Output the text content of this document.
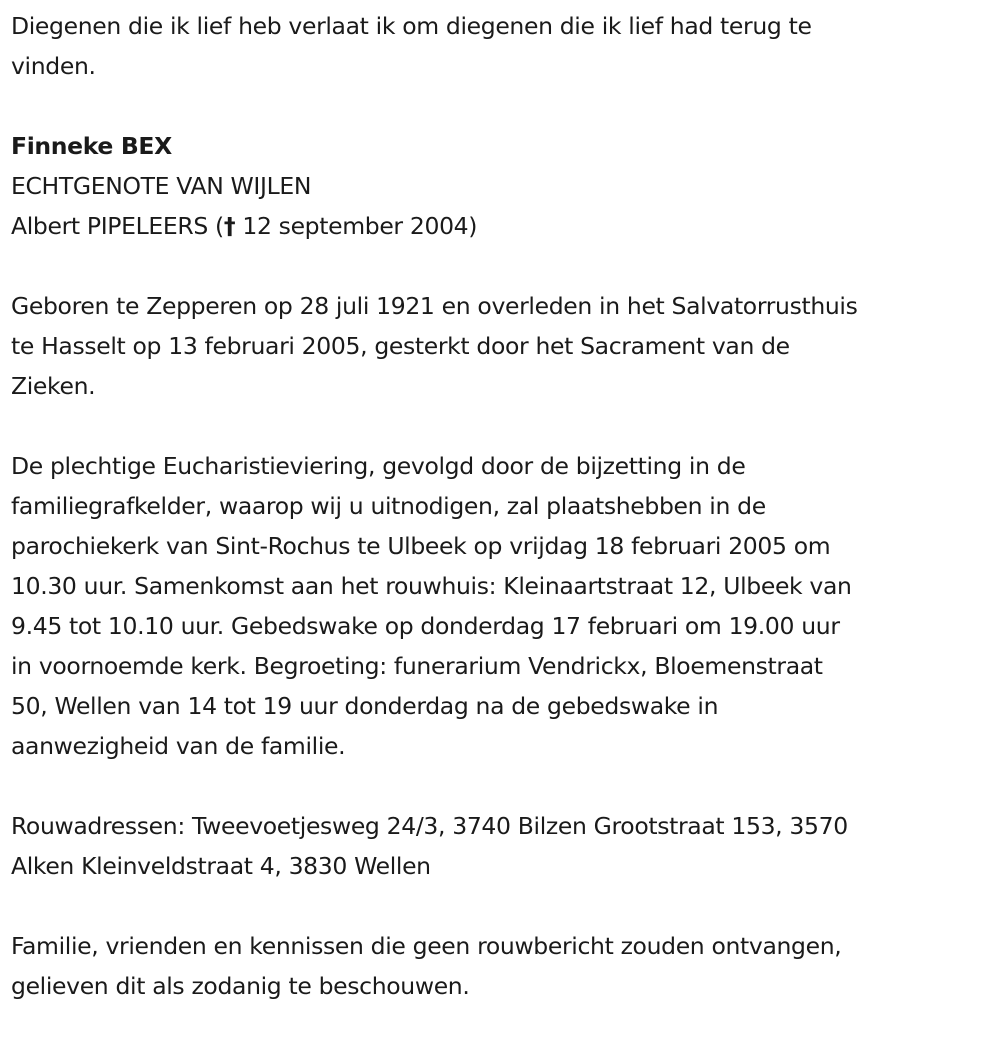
Diegenen die ik lief heb verlaat ik om diegenen die ik lief had terug te
vinden.
Finneke BEX
ECHTGENOTE VAN WIJLEN
Albert PIPELEERS († 12 september 2004)
Geboren te Zepperen op 28 juli 1921 en overleden in het Salvatorrusthuis
te Hasselt op 13 februari 2005, gesterkt door het Sacrament van de
Zieken.
De plechtige Eucharistieviering, gevolgd door de bijzetting in de
familiegrafkelder, waarop wij u uitnodigen, zal plaatshebben in de
parochiekerk van Sint-Rochus te Ulbeek op vrijdag 18 februari 2005 om
10.30 uur. Samenkomst aan het rouwhuis: Kleinaartstraat 12, Ulbeek van
9.45 tot 10.10 uur. Gebedswake op donderdag 17 februari om 19.00 uur
in voornoemde kerk. Begroeting: funerarium Vendrickx, Bloemenstraat
50, Wellen van 14 tot 19 uur donderdag na de gebedswake in
aanwezigheid van de familie.
Rouwadressen: Tweevoetjesweg 24/3, 3740 Bilzen Grootstraat 153, 3570
Alken Kleinveldstraat 4, 3830 Wellen
Familie, vrienden en kennissen die geen rouwbericht zouden ontvangen,
gelieven dit als zodanig te beschouwen.
